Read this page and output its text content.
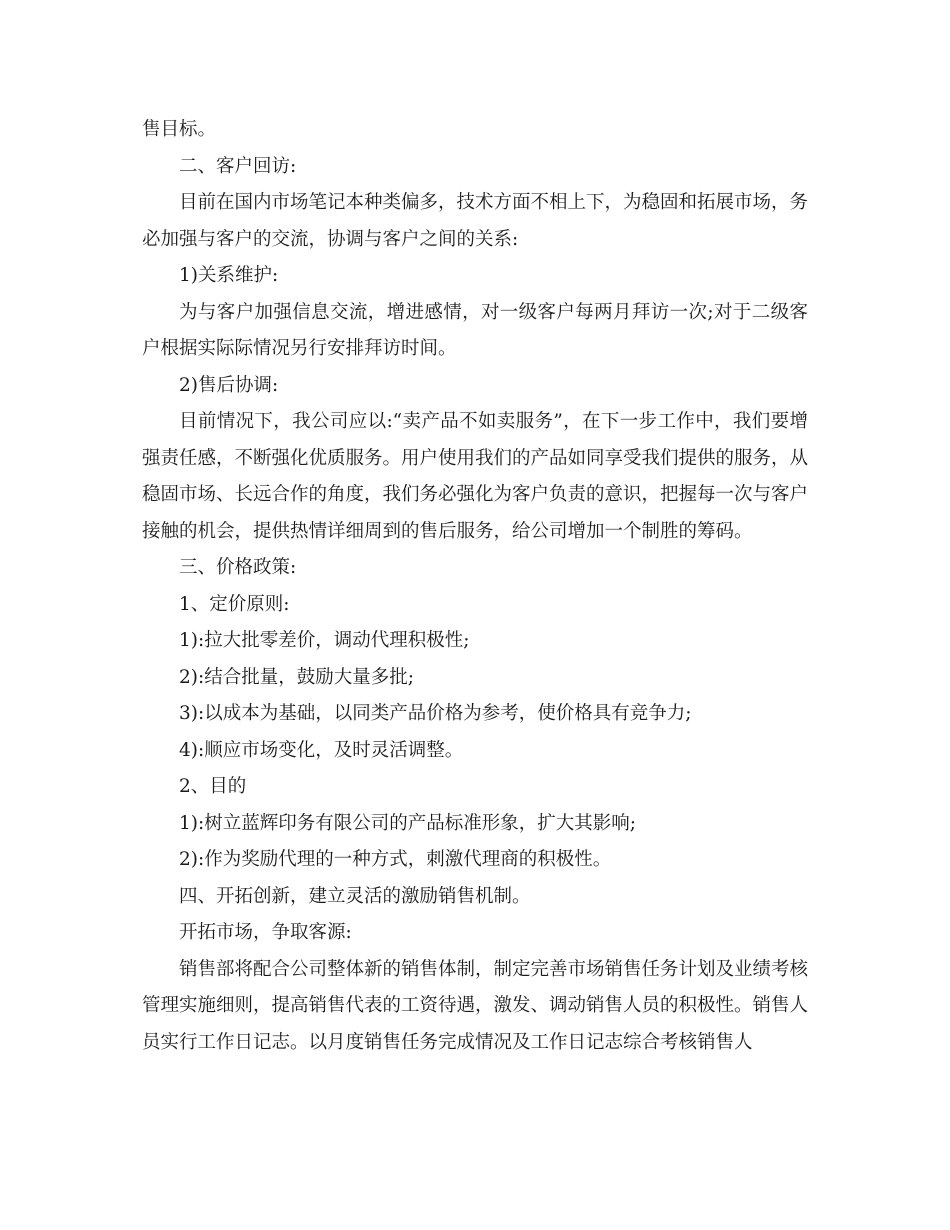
售目标。

二、客户回访:

目前在国内市场笔记本种类偏多，技术方面不相上下，为稳固和拓展市场，务必加强与客户的交流，协调与客户之间的关系:

1)关系维护:

为与客户加强信息交流，增进感情，对一级客户每两月拜访一次;对于二级客户根据实际际情况另行安排拜访时间。

2)售后协调:

目前情况下，我公司应以:“卖产品不如卖服务”，在下一步工作中，我们要增强责任感，不断强化优质服务。用户使用我们的产品如同享受我们提供的服务，从稳固市场、长远合作的角度，我们务必强化为客户负责的意识，把握每一次与客户接触的机会，提供热情详细周到的售后服务，给公司增加一个制胜的筹码。

三、价格政策:

1、定价原则:

1):拉大批零差价，调动代理积极性;

2):结合批量，鼓励大量多批;

3):以成本为基础，以同类产品价格为参考，使价格具有竞争力;

4):顺应市场变化，及时灵活调整。

2、目的

1):树立蓝辉印务有限公司的产品标准形象，扩大其影响;

2):作为奖励代理的一种方式，刺激代理商的积极性。

四、开拓创新，建立灵活的激励销售机制。

开拓市场，争取客源:

销售部将配合公司整体新的销售体制，制定完善市场销售任务计划及业绩考核管理实施细则，提高销售代表的工资待遇，激发、调动销售人员的积极性。销售人员实行工作日记志。以月度销售任务完成情况及工作日记志综合考核销售人
